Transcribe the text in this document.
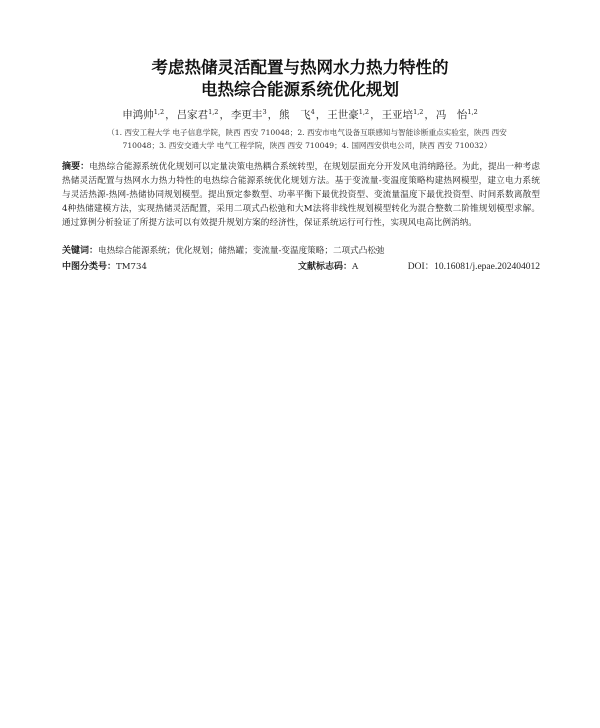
考虑热储灵活配置与热网水力热力特性的
电热综合能源系统优化规划
申鸿帅$^{1,2}$，吕家君$^{1,2}$，李更丰$^3$，熊　飞$^4$，王世豪$^{1,2}$，王亚培$^{1,2}$，冯　怡$^{1,2}$
（1. 西安工程大学 电子信息学院，陕西 西安 710048；2. 西安市电气设备互联感知与智能诊断重点实验室，陕西 西安
710048；3. 西安交通大学 电气工程学院，陕西 西安 710049；4. 国网西安供电公司，陕西 西安 710032）
摘要：电热综合能源系统优化规划可以定量决策电热耦合系统转型，在规划层面充分开发风电消纳路径。为此，提出一种考虑热储灵活配置与热网水力热力特性的电热综合能源系统优化规划方法。基于变流量-变温度策略构建热网模型，建立电力系统与灵活热源-热网-热储协同规划模型。提出预定参数型、功率平衡下最优投资型、变流量温度下最优投资型、时间系数离散型4种热储建模方法，实现热储灵活配置，采用二项式凸松弛和大M法将非线性规划模型转化为混合整数二阶锥规划模型求解。通过算例分析验证了所提方法可以有效提升规划方案的经济性，保证系统运行可行性，实现风电高比例消纳。
关键词：电热综合能源系统；优化规划；储热罐；变流量-变温度策略；二项式凸松弛
中图分类号：TM734	文献标志码：A	DOI：10.16081/j.epae.202404012
